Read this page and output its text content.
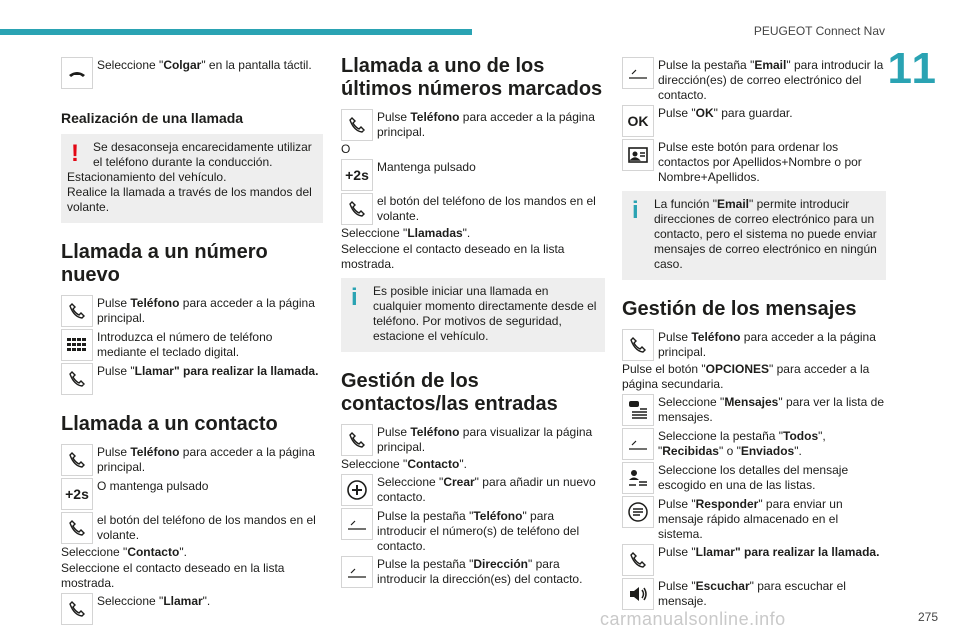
PEUGEOT Connect Nav
11
Seleccione "Colgar" en la pantalla táctil.
Realización de una llamada
!	Se desaconseja encarecidamente utilizar el teléfono durante la conducción.
Estacionamiento del vehículo.
Realice la llamada a través de los mandos del volante.
Llamada a un número nuevo
Pulse Teléfono para acceder a la página principal.
Introduzca el número de teléfono mediante el teclado digital.
Pulse "Llamar" para realizar la llamada.
Llamada a un contacto
Pulse Teléfono para acceder a la página principal.
+2s O mantenga pulsado
el botón del teléfono de los mandos en el volante.
Seleccione "Contacto".
Seleccione el contacto deseado en la lista mostrada.
Seleccione "Llamar".
Llamada a uno de los últimos números marcados
Pulse Teléfono para acceder a la página principal.
O
+2s Mantenga pulsado
el botón del teléfono de los mandos en el volante.
Seleccione "Llamadas".
Seleccione el contacto deseado en la lista mostrada.
i	Es posible iniciar una llamada en cualquier momento directamente desde el teléfono. Por motivos de seguridad, estacione el vehículo.
Gestión de los contactos/las entradas
Pulse Teléfono para visualizar la página principal.
Seleccione "Contacto".
Seleccione "Crear" para añadir un nuevo contacto.
Pulse la pestaña "Teléfono" para introducir el número(s) de teléfono del contacto.
Pulse la pestaña "Dirección" para introducir la dirección(es) del contacto.
Pulse la pestaña "Email" para introducir la dirección(es) de correo electrónico del contacto.
OK Pulse "OK" para guardar.
Pulse este botón para ordenar los contactos por Apellidos+Nombre o por Nombre+Apellidos.
i	La función "Email" permite introducir direcciones de correo electrónico para un contacto, pero el sistema no puede enviar mensajes de correo electrónico en ningún caso.
Gestión de los mensajes
Pulse Teléfono para acceder a la página principal.
Pulse el botón "OPCIONES" para acceder a la página secundaria.
Seleccione "Mensajes" para ver la lista de mensajes.
Seleccione la pestaña "Todos", "Recibidas" o "Enviados".
Seleccione los detalles del mensaje escogido en una de las listas.
Pulse "Responder" para enviar un mensaje rápido almacenado en el sistema.
Pulse "Llamar" para realizar la llamada.
Pulse "Escuchar" para escuchar el mensaje.
carmanualsonline.info	275
